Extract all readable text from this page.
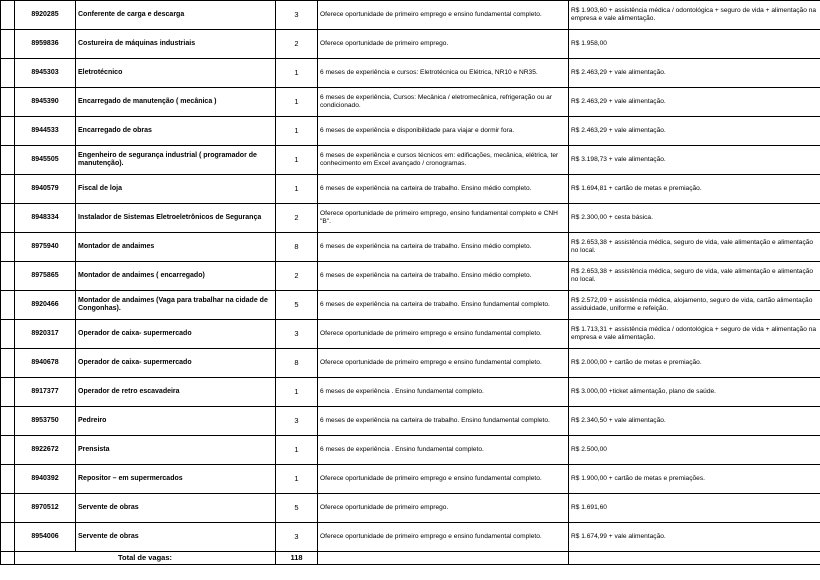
	8920285	Conferente de carga e descarga	3	Oferece oportunidade de primeiro emprego e ensino fundamental completo.	R$ 1.903,60 + assistência médica / odontológica + seguro de vida + alimentação na empresa e vale alimentação.
	8959836	Costureira de máquinas industriais	2	Oferece oportunidade de primeiro emprego.	R$ 1.958,00
	8945303	Eletrotécnico	1	6 meses de experiência e cursos: Eletrotécnica ou Elétrica, NR10 e NR35.	R$ 2.463,29 + vale alimentação.
	8945390	Encarregado de manutenção ( mecânica )	1	6 meses de experiência, Cursos: Mecânica / eletromecânica, refrigeração ou ar condicionado.	R$ 2.463,29 + vale alimentação.
	8944533	Encarregado de obras	1	6 meses de experiência e disponibilidade para viajar e dormir fora.	R$ 2.463,29 + vale alimentação.
	8945505	Engenheiro de segurança industrial ( programador de manutenção).	1	6 meses de experiência e cursos técnicos em: edificações, mecânica, elétrica, ter conhecimento em Excel avançado / cronogramas.	R$ 3.198,73 + vale alimentação.
	8940579	Fiscal de loja	1	6 meses de experiência na carteira de trabalho. Ensino médio completo.	R$ 1.694,81 + cartão de metas e premiação.
	8948334	Instalador de Sistemas Eletroeletrônicos de Segurança	2	Oferece oportunidade de primeiro emprego, ensino fundamental completo e CNH "B".	R$ 2.300,00 + cesta básica.
	8975940	Montador de andaimes	8	6 meses de experiência na carteira de trabalho. Ensino médio completo.	R$ 2.653,38 + assistência médica, seguro de vida, vale alimentação e alimentação no local.
	8975865	Montador de andaimes ( encarregado)	2	6 meses de experiência na carteira de trabalho. Ensino médio completo.	R$ 2.653,38 + assistência médica, seguro de vida, vale alimentação e alimentação no local.
	8920466	Montador de andaimes (Vaga para trabalhar na cidade de Congonhas).	5	6 meses de experiência na carteira de trabalho. Ensino fundamental completo.	R$ 2.572,09 + assistência médica, alojamento, seguro de vida, cartão alimentação assiduidade, uniforme e refeição.
	8920317	Operador de caixa- supermercado	3	Oferece oportunidade de primeiro emprego e ensino fundamental completo.	R$ 1.713,31 + assistência médica / odontológica + seguro de vida + alimentação na empresa e vale alimentação.
	8940678	Operador de caixa- supermercado	8	Oferece oportunidade de primeiro emprego e ensino fundamental completo.	R$ 2.000,00 + cartão de metas e premiação.
	8917377	Operador de retro escavadeira	1	6 meses de experiência . Ensino fundamental completo.	R$ 3.000,00 +ticket alimentação, plano de saúde.
	8953750	Pedreiro	3	6 meses de experiência na carteira de trabalho. Ensino fundamental completo.	R$ 2.340,50 + vale alimentação.
	8922672	Prensista	1	6 meses de experiência . Ensino fundamental completo.	R$ 2.500,00
	8940392	Repositor – em supermercados	1	Oferece oportunidade de primeiro emprego e ensino fundamental completo.	R$ 1.900,00 + cartão de metas e premiações.
	8970512	Servente de obras	5	Oferece oportunidade de primeiro emprego.	R$ 1.691,60
	8954006	Servente de obras	3	Oferece oportunidade de primeiro emprego e ensino fundamental completo.	R$ 1.674,99 + vale alimentação.
	Total de vagas:		118		
